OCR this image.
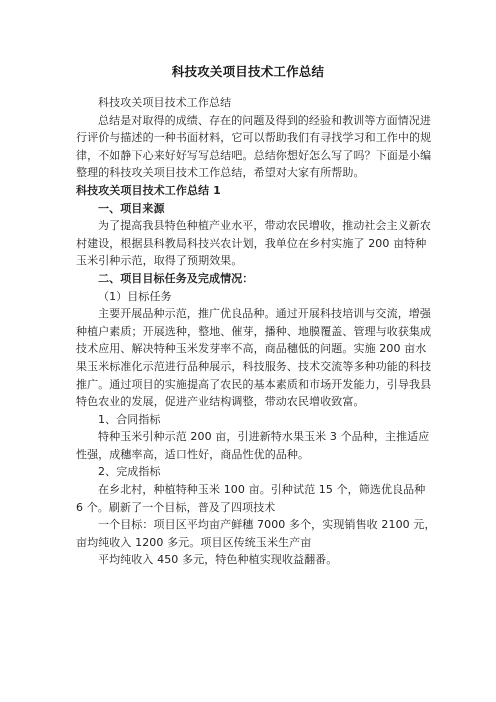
科技攻关项目技术工作总结

科技攻关项目技术工作总结

总结是对取得的成绩、存在的问题及得到的经验和教训等方面情况进行评价与描述的一种书面材料，它可以帮助我们有寻找学习和工作中的规律，不如静下心来好好写写总结吧。总结你想好怎么写了吗？下面是小编整理的科技攻关项目技术工作总结，希望对大家有所帮助。

科技攻关项目技术工作总结 1

一、项目来源

为了提高我县特色种植产业水平，带动农民增收，推动社会主义新农村建设，根据县科教局科技兴农计划，我单位在乡村实施了 200 亩特种玉米引种示范，取得了预期效果。

二、项目目标任务及完成情况：

（1）目标任务

主要开展品种示范，推广优良品种。通过开展科技培训与交流，增强种植户素质；开展选种，整地、催芽，播种、地膜覆盖、管理与收获集成技术应用、解决特种玉米发芽率不高，商品穗低的问题。实施 200 亩水果玉米标准化示范进行品种展示，科技服务、技术交流等多种功能的科技推广。通过项目的实施提高了农民的基本素质和市场开发能力，引导我县特色农业的发展，促进产业结构调整，带动农民增收致富。

1、合同指标

特种玉米引种示范 200 亩，引进新特水果玉米 3 个品种，主推适应性强，成穗率高，适口性好，商品性优的品种。

2、完成指标

在乡北村，种植特种玉米 100 亩。引种试范 15 个，筛选优良品种 6 个。刷新了一个目标，普及了四项技术

一个目标：项目区平均亩产鲜穗 7000 多个，实现销售收 2100 元，亩均纯收入 1200 多元。项目区传统玉米生产亩

平均纯收入 450 多元，特色种植实现收益翻番。
